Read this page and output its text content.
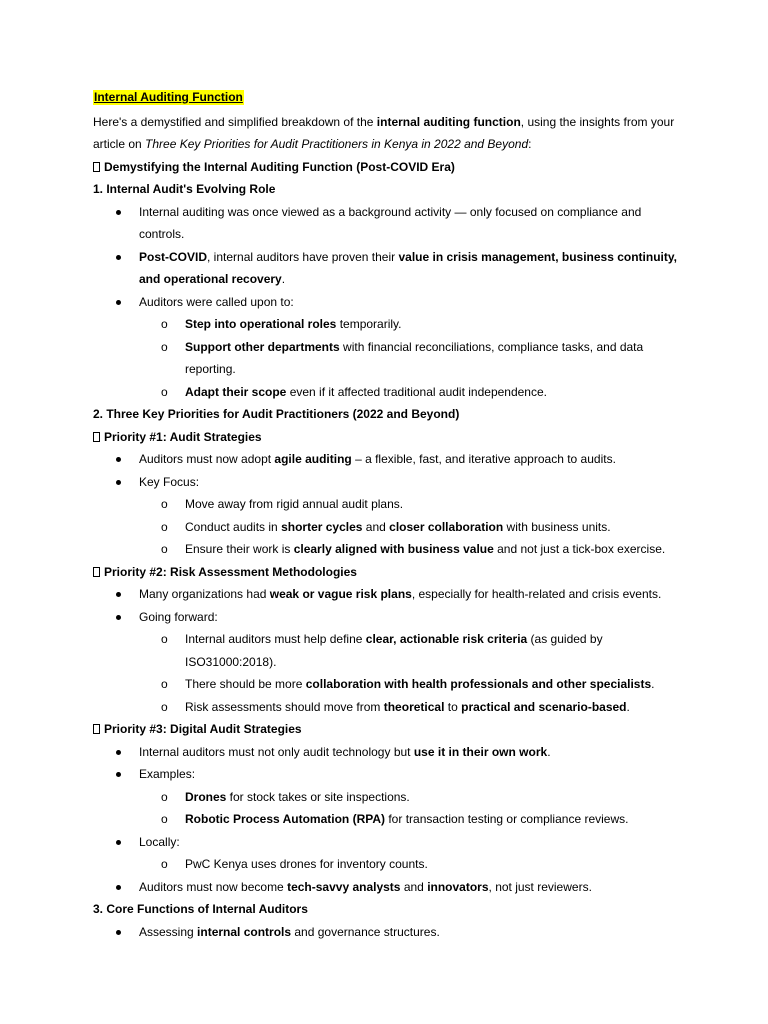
Internal Auditing Function
Here's a demystified and simplified breakdown of the internal auditing function, using the insights from your article on Three Key Priorities for Audit Practitioners in Kenya in 2022 and Beyond:
Demystifying the Internal Auditing Function (Post-COVID Era)
1. Internal Audit's Evolving Role
Internal auditing was once viewed as a background activity — only focused on compliance and controls.
Post-COVID, internal auditors have proven their value in crisis management, business continuity, and operational recovery.
Auditors were called upon to:
o Step into operational roles temporarily.
o Support other departments with financial reconciliations, compliance tasks, and data reporting.
o Adapt their scope even if it affected traditional audit independence.
2. Three Key Priorities for Audit Practitioners (2022 and Beyond)
Priority #1: Audit Strategies
Auditors must now adopt agile auditing – a flexible, fast, and iterative approach to audits.
Key Focus:
o Move away from rigid annual audit plans.
o Conduct audits in shorter cycles and closer collaboration with business units.
o Ensure their work is clearly aligned with business value and not just a tick-box exercise.
Priority #2: Risk Assessment Methodologies
Many organizations had weak or vague risk plans, especially for health-related and crisis events.
Going forward:
o Internal auditors must help define clear, actionable risk criteria (as guided by ISO31000:2018).
o There should be more collaboration with health professionals and other specialists.
o Risk assessments should move from theoretical to practical and scenario-based.
Priority #3: Digital Audit Strategies
Internal auditors must not only audit technology but use it in their own work.
Examples:
o Drones for stock takes or site inspections.
o Robotic Process Automation (RPA) for transaction testing or compliance reviews.
Locally:
o PwC Kenya uses drones for inventory counts.
Auditors must now become tech-savvy analysts and innovators, not just reviewers.
3. Core Functions of Internal Auditors
Assessing internal controls and governance structures.
